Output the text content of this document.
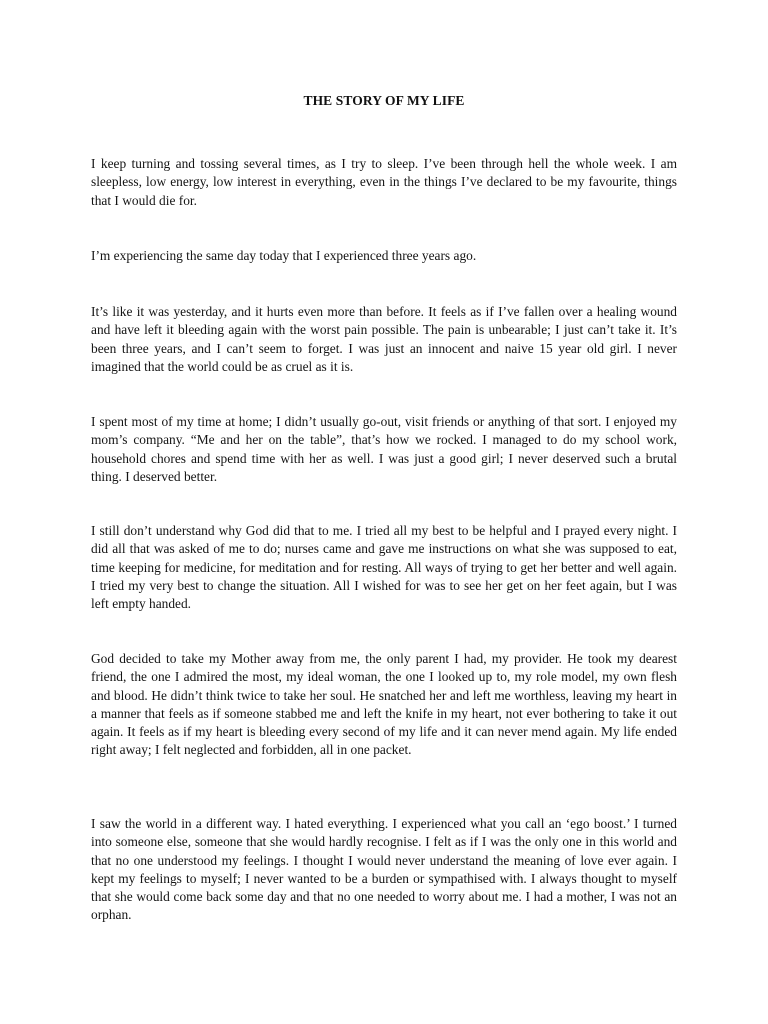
THE STORY OF MY LIFE

I keep turning and tossing several times, as I try to sleep. I’ve been through hell the whole week. I am sleepless, low energy, low interest in everything, even in the things I’ve declared to be my favourite, things that I would die for.

I’m experiencing the same day today that I experienced three years ago.

It’s like it was yesterday, and it hurts even more than before. It feels as if I’ve fallen over a healing wound and have left it bleeding again with the worst pain possible. The pain is unbearable; I just can’t take it. It’s been three years, and I can’t seem to forget. I was just an innocent and naive 15 year old girl. I never imagined that the world could be as cruel as it is.

I spent most of my time at home; I didn’t usually go-out, visit friends or anything of that sort. I enjoyed my mom’s company. “Me and her on the table”, that’s how we rocked. I managed to do my school work, household chores and spend time with her as well. I was just a good girl; I never deserved such a brutal thing. I deserved better.

I still don’t understand why God did that to me. I tried all my best to be helpful and I prayed every night. I did all that was asked of me to do; nurses came and gave me instructions on what she was supposed to eat, time keeping for medicine, for meditation and for resting. All ways of trying to get her better and well again. I tried my very best to change the situation. All I wished for was to see her get on her feet again, but I was left empty handed.

God decided to take my Mother away from me, the only parent I had, my provider. He took my dearest friend, the one I admired the most, my ideal woman, the one I looked up to, my role model, my own flesh and blood. He didn’t think twice to take her soul. He snatched her and left me worthless, leaving my heart in a manner that feels as if someone stabbed me and left the knife in my heart, not ever bothering to take it out again. It feels as if my heart is bleeding every second of my life and it can never mend again. My life ended right away; I felt neglected and forbidden, all in one packet.

I saw the world in a different way. I hated everything. I experienced what you call an ‘ego boost.’ I turned into someone else, someone that she would hardly recognise. I felt as if I was the only one in this world and that no one understood my feelings. I thought I would never understand the meaning of love ever again. I kept my feelings to myself; I never wanted to be a burden or sympathised with. I always thought to myself that she would come back some day and that no one needed to worry about me. I had a mother, I was not an orphan.
